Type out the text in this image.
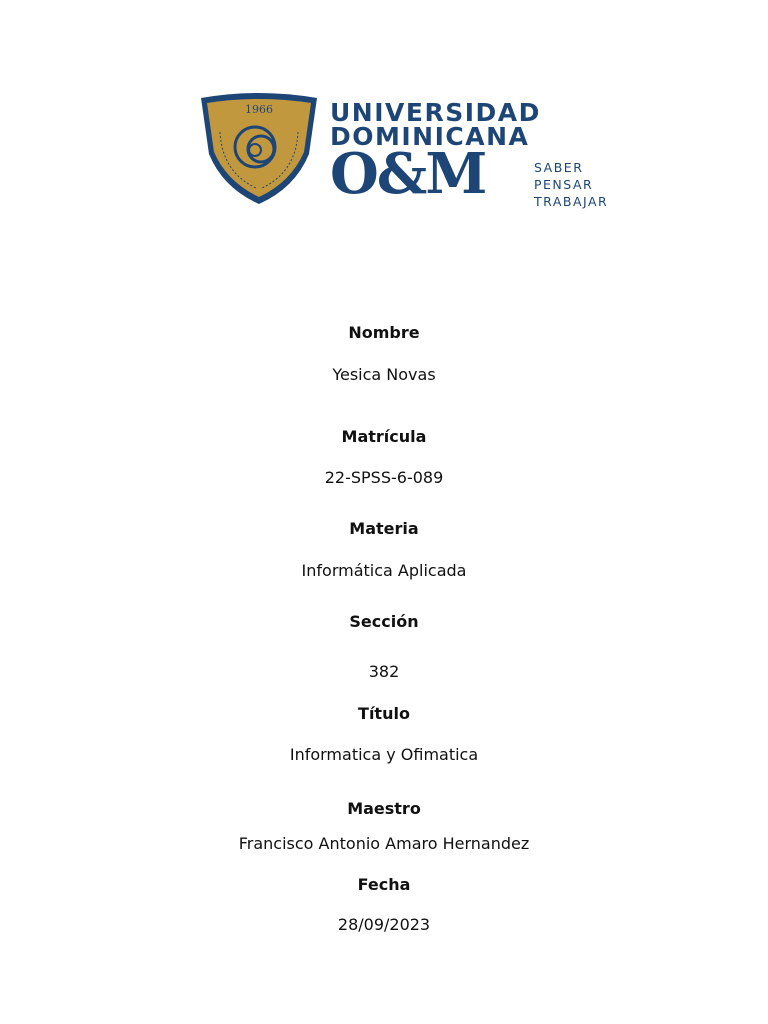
1966 UNIVERSIDAD
DOMINICANA
O&M	SABER
PENSAR
TRABAJAR
Nombre
Yesica Novas
Matrícula
22-SPSS-6-089
Materia
Informática Aplicada
Sección
382
Título
Informatica y Ofimatica
Maestro
Francisco Antonio Amaro Hernandez
Fecha
28/09/2023
